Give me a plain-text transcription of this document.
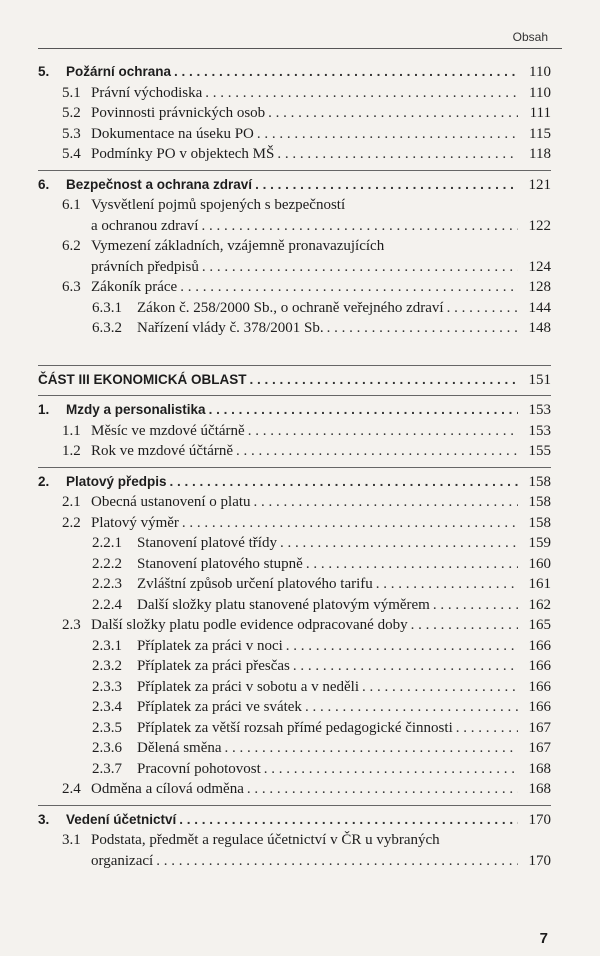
Obsah
5.	Požární ochrana . . .	110
5.1 Právní východiska . . .	110
5.2 Povinnosti právnických osob . . .	111
5.3 Dokumentace na úseku PO . . .	115
5.4 Podmínky PO v objektech MŠ . . .	118
6.	Bezpečnost a ochrana zdraví . . .	121
6.1 Vysvětlení pojmů spojených s bezpečností
a ochranou zdraví . . .	122
6.2 Vymezení základních, vzájemně pronavazujících
právních předpisů . . .	124
6.3 Zákoník práce . . .	128
6.3.1	Zákon č. 258/2000 Sb., o ochraně veřejného zdraví . . .	144
6.3.2	Nařízení vlády č. 378/2001 Sb. . . .	148
ČÁST III EKONOMICKÁ OBLAST . . .	151
1.	Mzdy a personalistika . . .	153
1.1 Měsíc ve mzdové účtárně . . .	153
1.2 Rok ve mzdové účtárně . . .	155
2.	Platový předpis . . .	158
2.1 Obecná ustanovení o platu . . .	158
2.2 Platový výměr . . .	158
2.2.1	Stanovení platové třídy . . .	159
2.2.2	Stanovení platového stupně . . .	160
2.2.3	Zvláštní způsob určení platového tarifu . . .	161
2.2.4	Další složky platu stanovené platovým výměrem . . .	162
2.3 Další složky platu podle evidence odpracované doby . . .	165
2.3.1	Příplatek za práci v noci . . .	166
2.3.2	Příplatek za práci přesčas . . .	166
2.3.3	Příplatek za práci v sobotu a v neděli . . .	166
2.3.4	Příplatek za práci ve svátek . . .	166
2.3.5	Příplatek za větší rozsah přímé pedagogické činnosti . . .	167
2.3.6	Dělená směna . . .	167
2.3.7	Pracovní pohotovost . . .	168
2.4 Odměna a cílová odměna . . .	168
3.	Vedení účetnictví . . .	170
3.1 Podstata, předmět a regulace účetnictví v ČR u vybraných
organizací . . .	170
7
